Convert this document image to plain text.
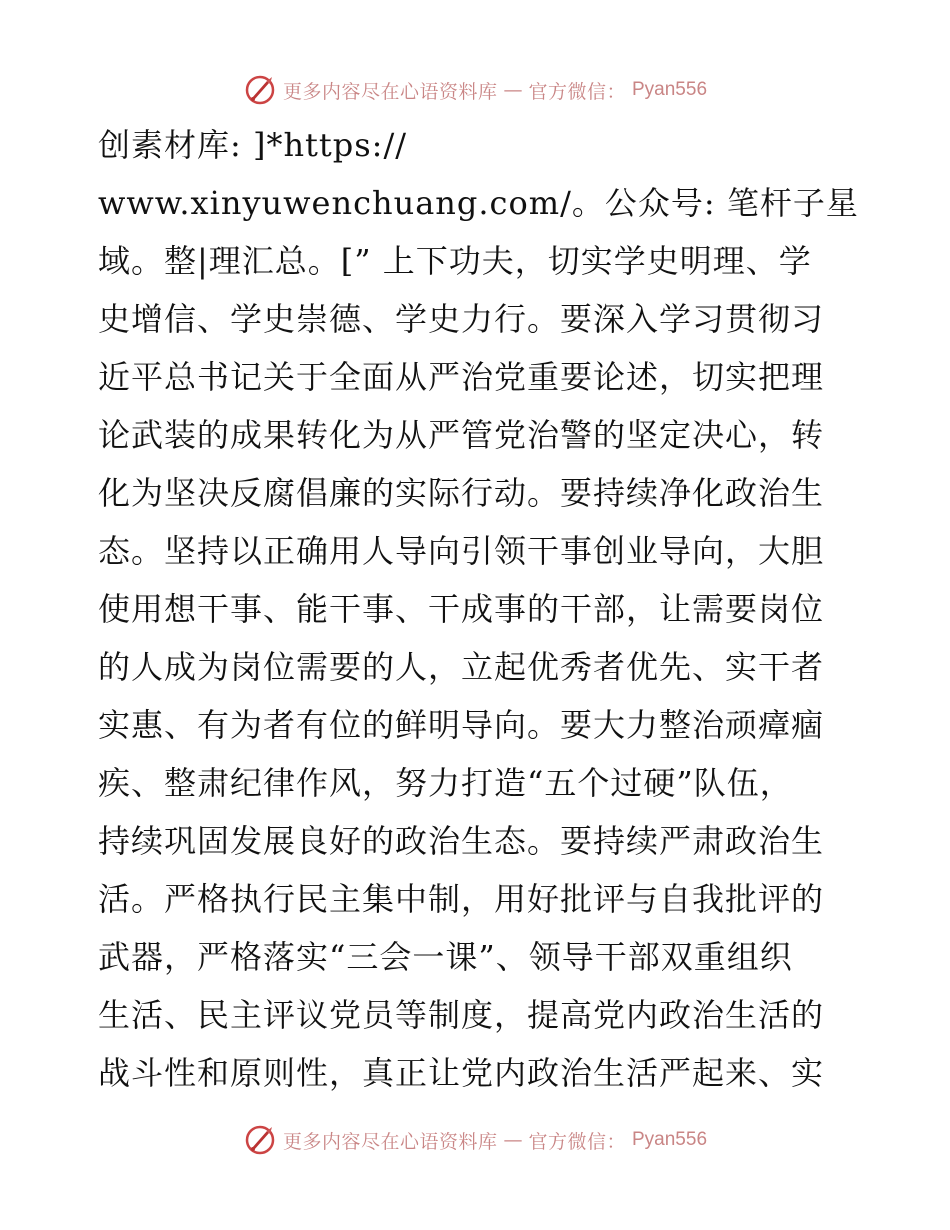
更多内容尽在心语资料库 — 官方微信： Pyan556
创素材库: ]*https://
www.xinyuwenchuang.com/。公众号: 笔杆子星
域。整|理汇总。[” 上下功夫，切实学史明理、学
史增信、学史崇德、学史力行。要深入学习贯彻习
近平总书记关于全面从严治党重要论述，切实把理
论武装的成果转化为从严管党治警的坚定决心，转
化为坚决反腐倡廉的实际行动。要持续净化政治生
态。坚持以正确用人导向引领干事创业导向，大胆
使用想干事、能干事、干成事的干部，让需要岗位
的人成为岗位需要的人，立起优秀者优先、实干者
实惠、有为者有位的鲜明导向。要大力整治顽瘴痼
疾、整肃纪律作风，努力打造“五个过硬”队伍，
持续巩固发展良好的政治生态。要持续严肃政治生
活。严格执行民主集中制，用好批评与自我批评的
武器，严格落实“三会一课”、领导干部双重组织
生活、民主评议党员等制度，提高党内政治生活的
战斗性和原则性，真正让党内政治生活严起来、实
更多内容尽在心语资料库 — 官方微信： Pyan556
